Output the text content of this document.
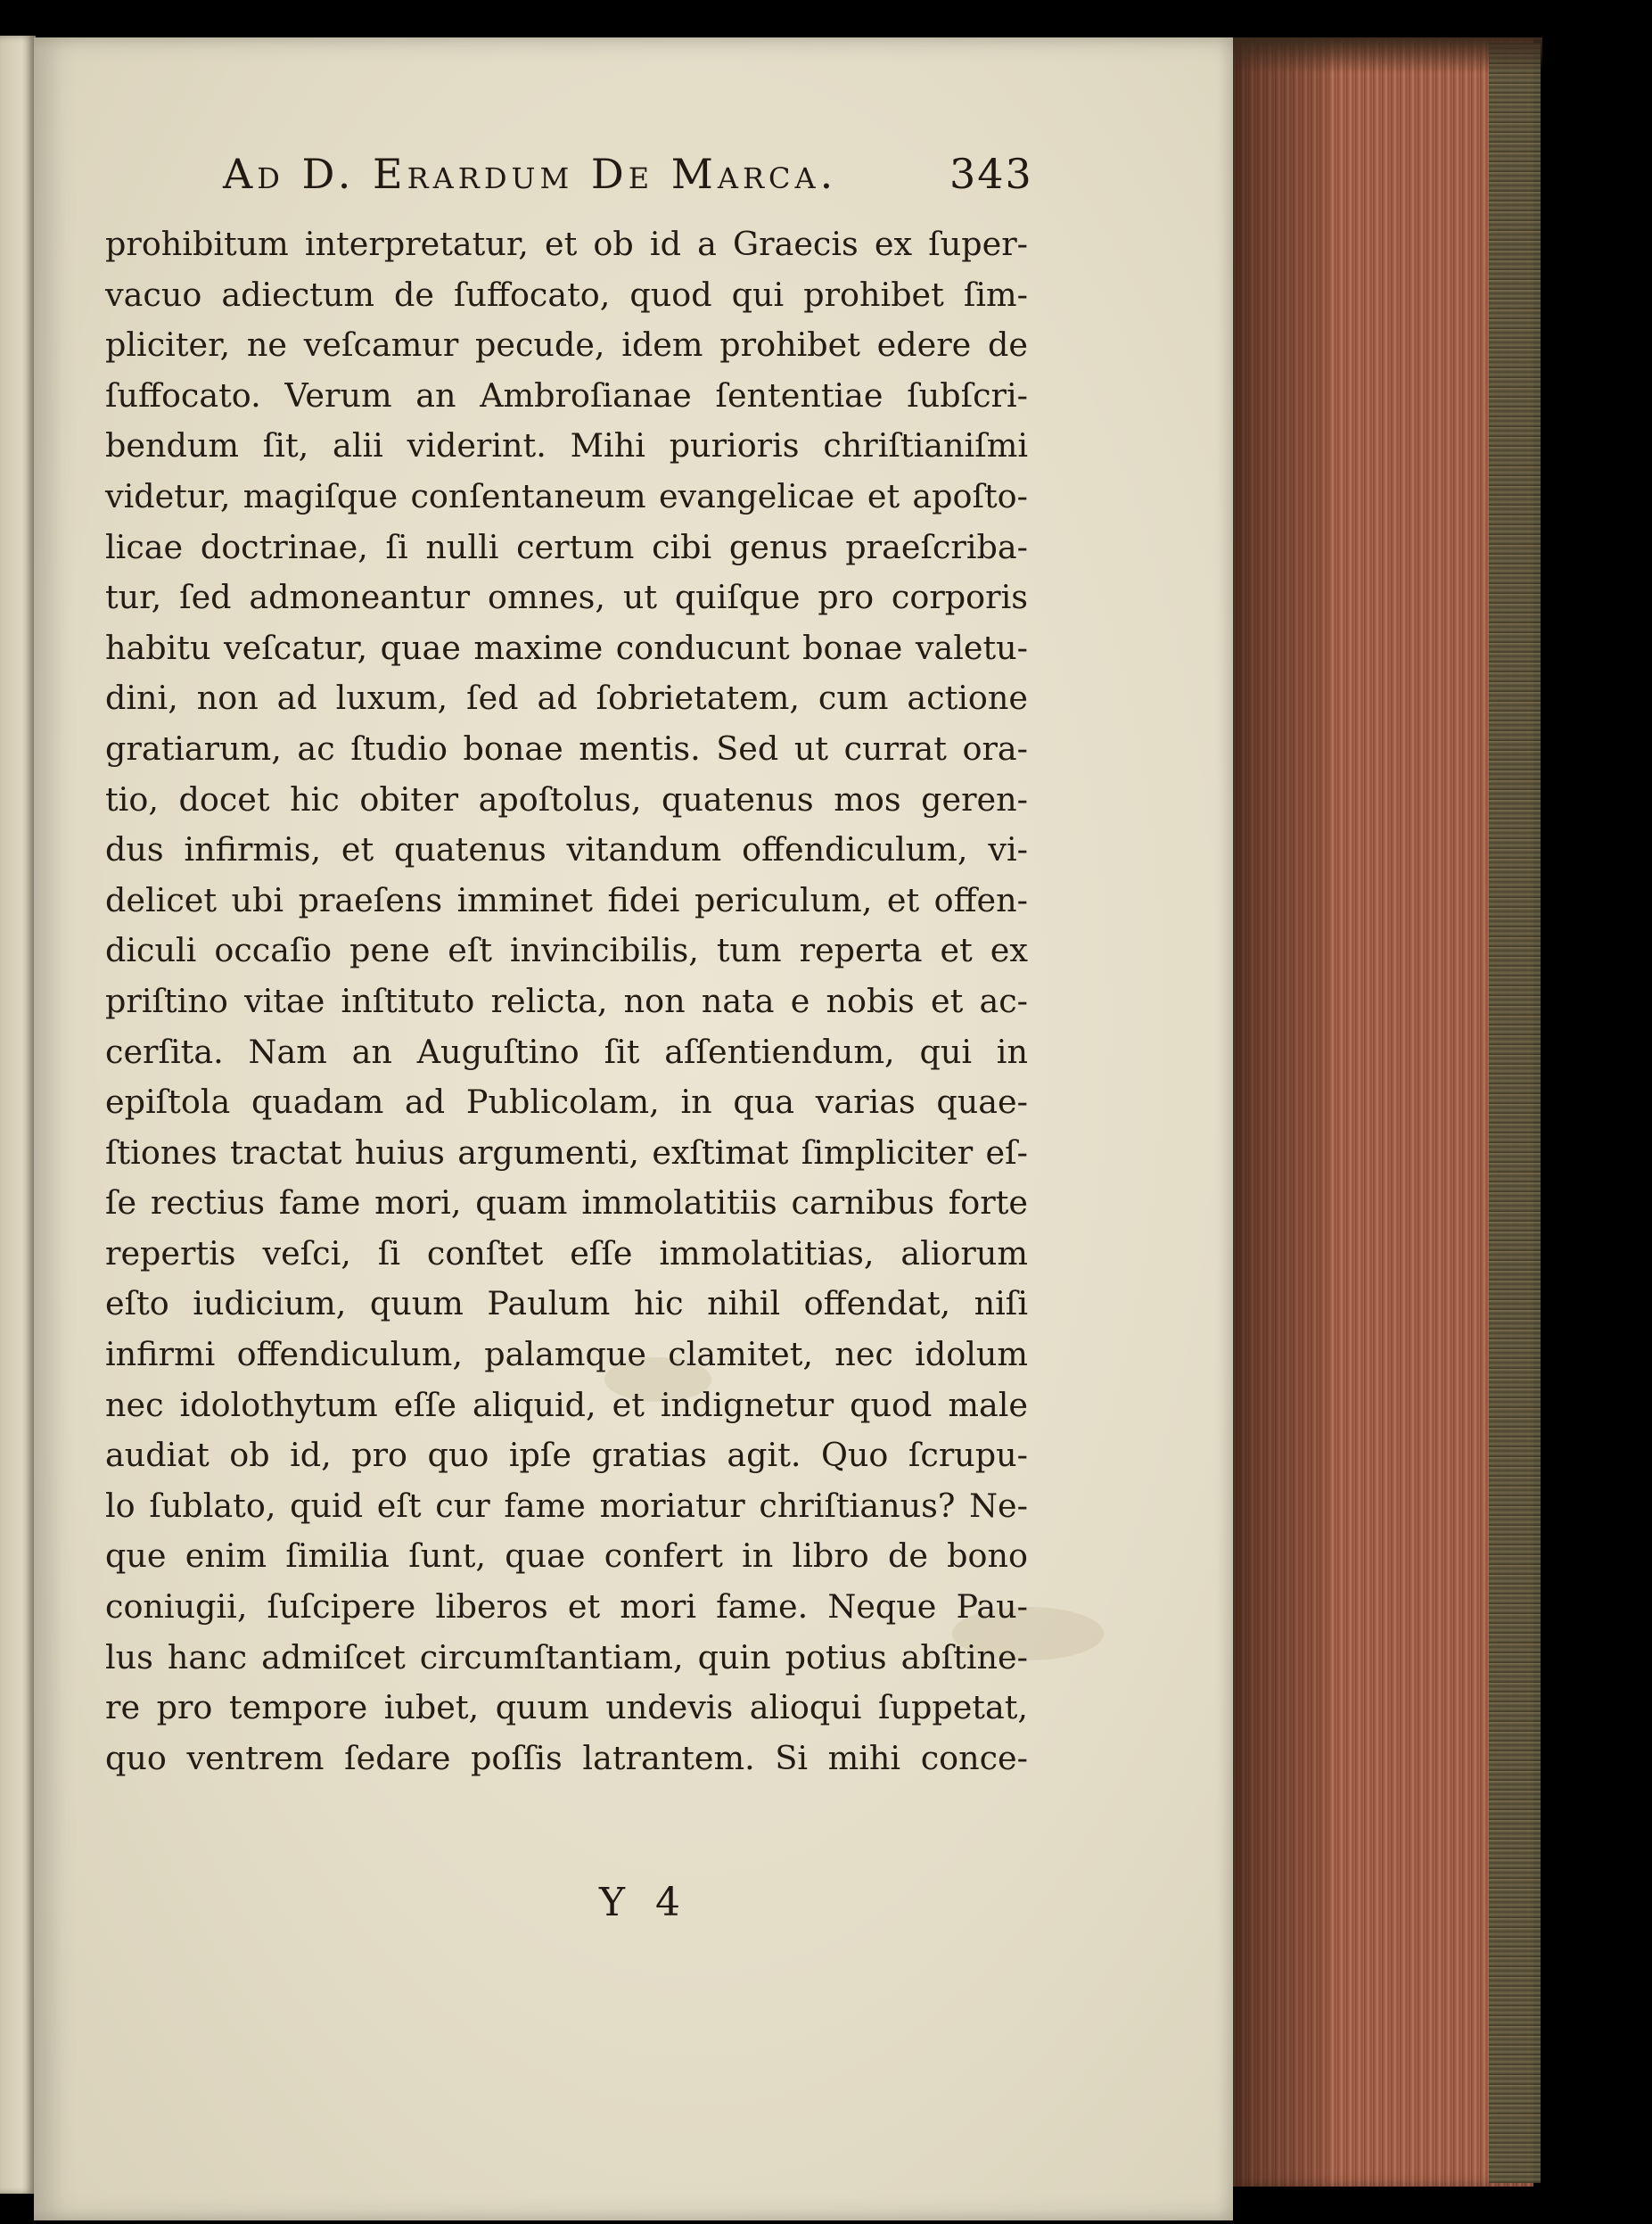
Ad D. Erardum De Marca.	343
prohibitum interpretatur, et ob id a Graecis ex ſuper-
vacuo adiectum de ſuffocato, quod qui prohibet ſim-
pliciter, ne veſcamur pecude, idem prohibet edere de
ſuffocato. Verum an Ambroſianae ſententiae ſubſcri-
bendum ſit, alii viderint. Mihi purioris chriſtianiſmi
videtur, magiſque conſentaneum evangelicae et apoſto-
licae doctrinae, ſi nulli certum cibi genus praeſcriba-
tur, ſed admoneantur omnes, ut quiſque pro corporis
habitu veſcatur, quae maxime conducunt bonae valetu-
dini, non ad luxum, ſed ad ſobrietatem, cum actione
gratiarum, ac ſtudio bonae mentis. Sed ut currat ora-
tio, docet hic obiter apoſtolus, quatenus mos geren-
dus infirmis, et quatenus vitandum offendiculum, vi-
delicet ubi praeſens imminet fidei periculum, et offen-
diculi occaſio pene eſt invincibilis, tum reperta et ex
priſtino vitae inſtituto relicta, non nata e nobis et ac-
cerſita. Nam an Auguſtino ſit aſſentiendum, qui in
epiſtola quadam ad Publicolam, in qua varias quae-
ſtiones tractat huius argumenti, exſtimat ſimpliciter eſ-
ſe rectius fame mori, quam immolatitiis carnibus forte
repertis veſci, ſi conſtet eſſe immolatitias, aliorum
eſto iudicium, quum Paulum hic nihil offendat, niſi
infirmi offendiculum, palamque clamitet, nec idolum
nec idolothytum eſſe aliquid, et indignetur quod male
audiat ob id, pro quo ipſe gratias agit. Quo ſcrupu-
lo ſublato, quid eſt cur fame moriatur chriſtianus? Ne-
que enim ſimilia ſunt, quae confert in libro de bono
coniugii, ſuſcipere liberos et mori fame. Neque Pau-
lus hanc admiſcet circumſtantiam, quin potius abſtine-
re pro tempore iubet, quum undevis alioqui ſuppetat,
quo ventrem ſedare poſſis latrantem. Si mihi conce-
Y 4
